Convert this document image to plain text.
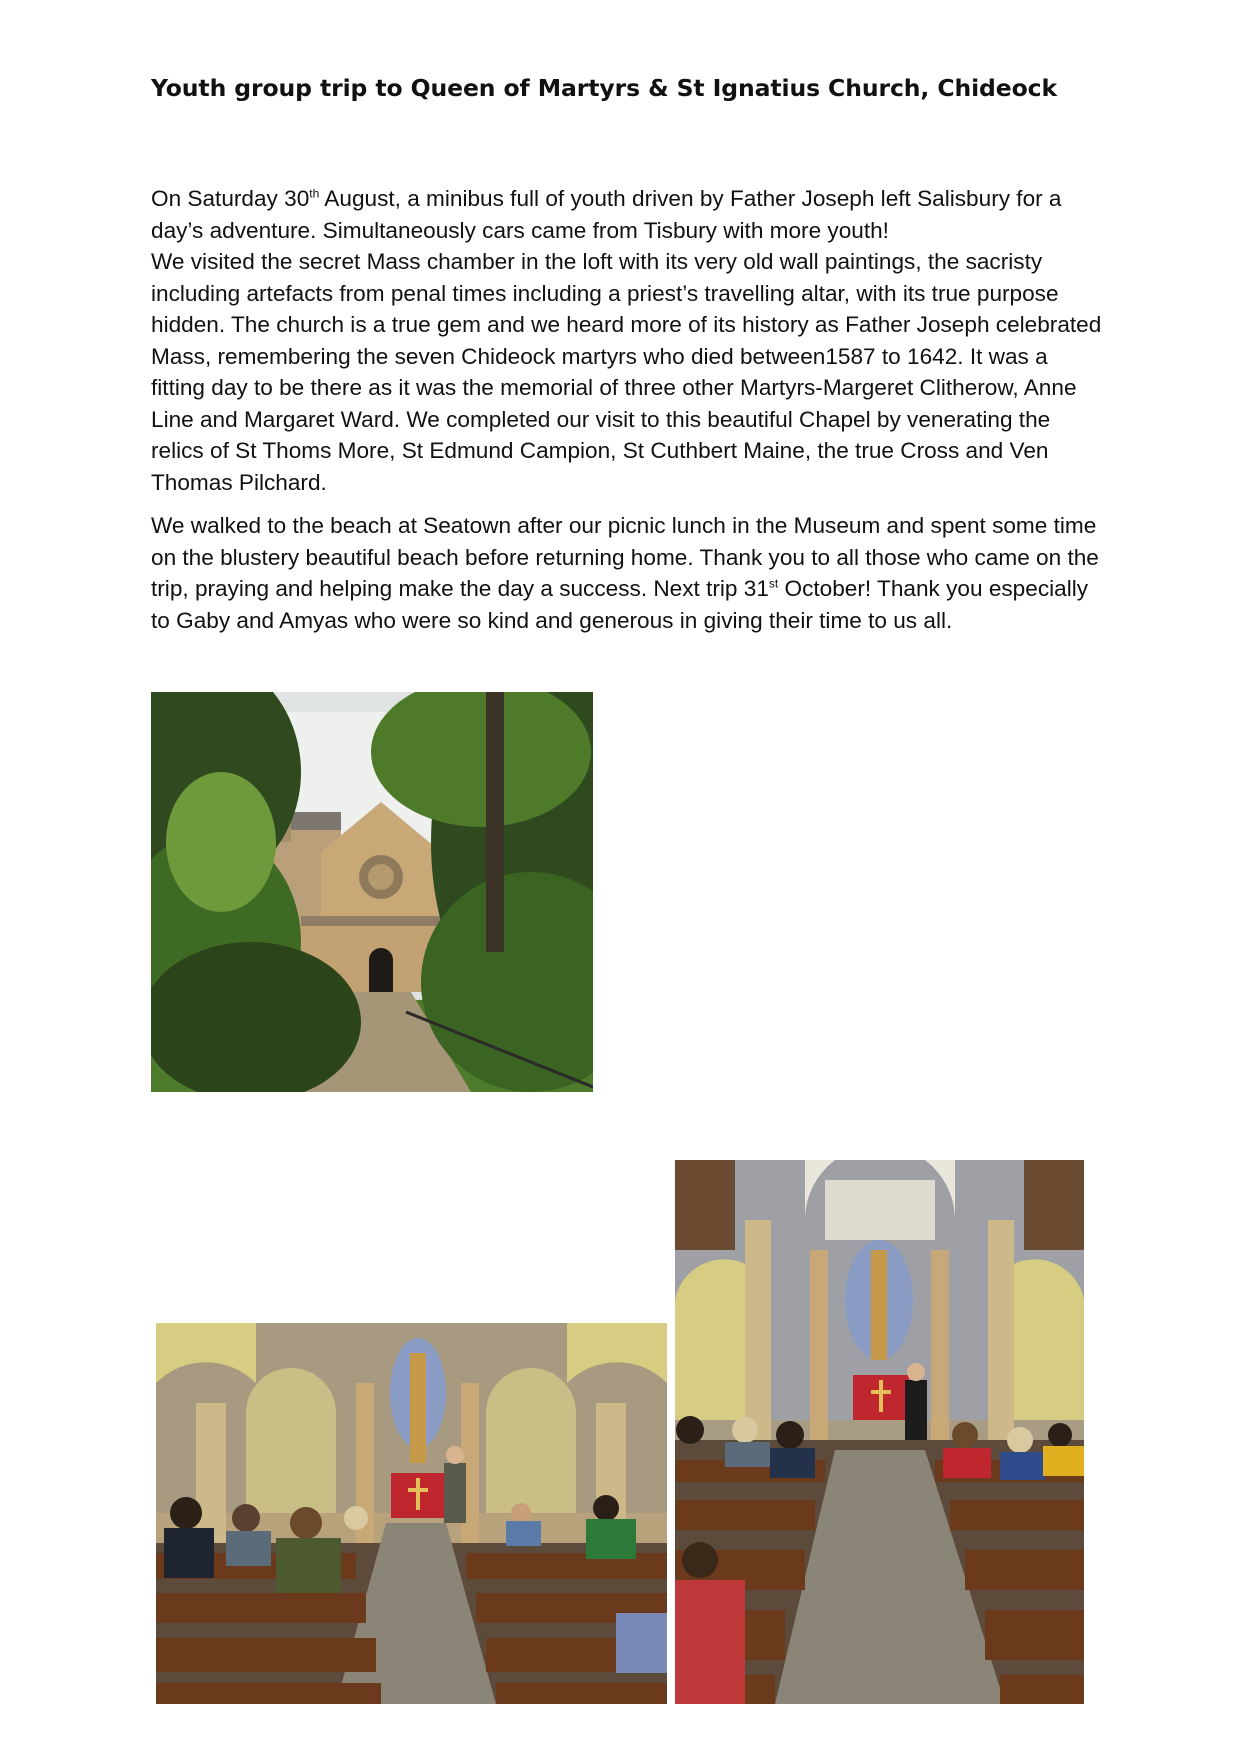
Youth group trip to Queen of Martyrs & St Ignatius Church, Chideock

On Saturday 30th August, a minibus full of youth driven by Father Joseph left Salisbury for a day’s adventure. Simultaneously cars came from Tisbury with more youth!

We visited the secret Mass chamber in the loft with its very old wall paintings, the sacristy including artefacts from penal times including a priest’s travelling altar, with its true purpose hidden. The church is a true gem and we heard more of its history as Father Joseph celebrated Mass, remembering the seven Chideock martyrs who died between1587 to 1642. It was a fitting day to be there as it was the memorial of three other Martyrs-Margeret Clitherow, Anne Line and Margaret Ward. We completed our visit to this beautiful Chapel by venerating the relics of St Thoms More, St Edmund Campion, St Cuthbert Maine, the true Cross and Ven Thomas Pilchard.

We walked to the beach at Seatown after our picnic lunch in the Museum and spent some time on the blustery beautiful beach before returning home. Thank you to all those who came on the trip, praying and helping make the day a success. Next trip 31st October! Thank you especially to Gaby and Amyas who were so kind and generous in giving their time to us all.
